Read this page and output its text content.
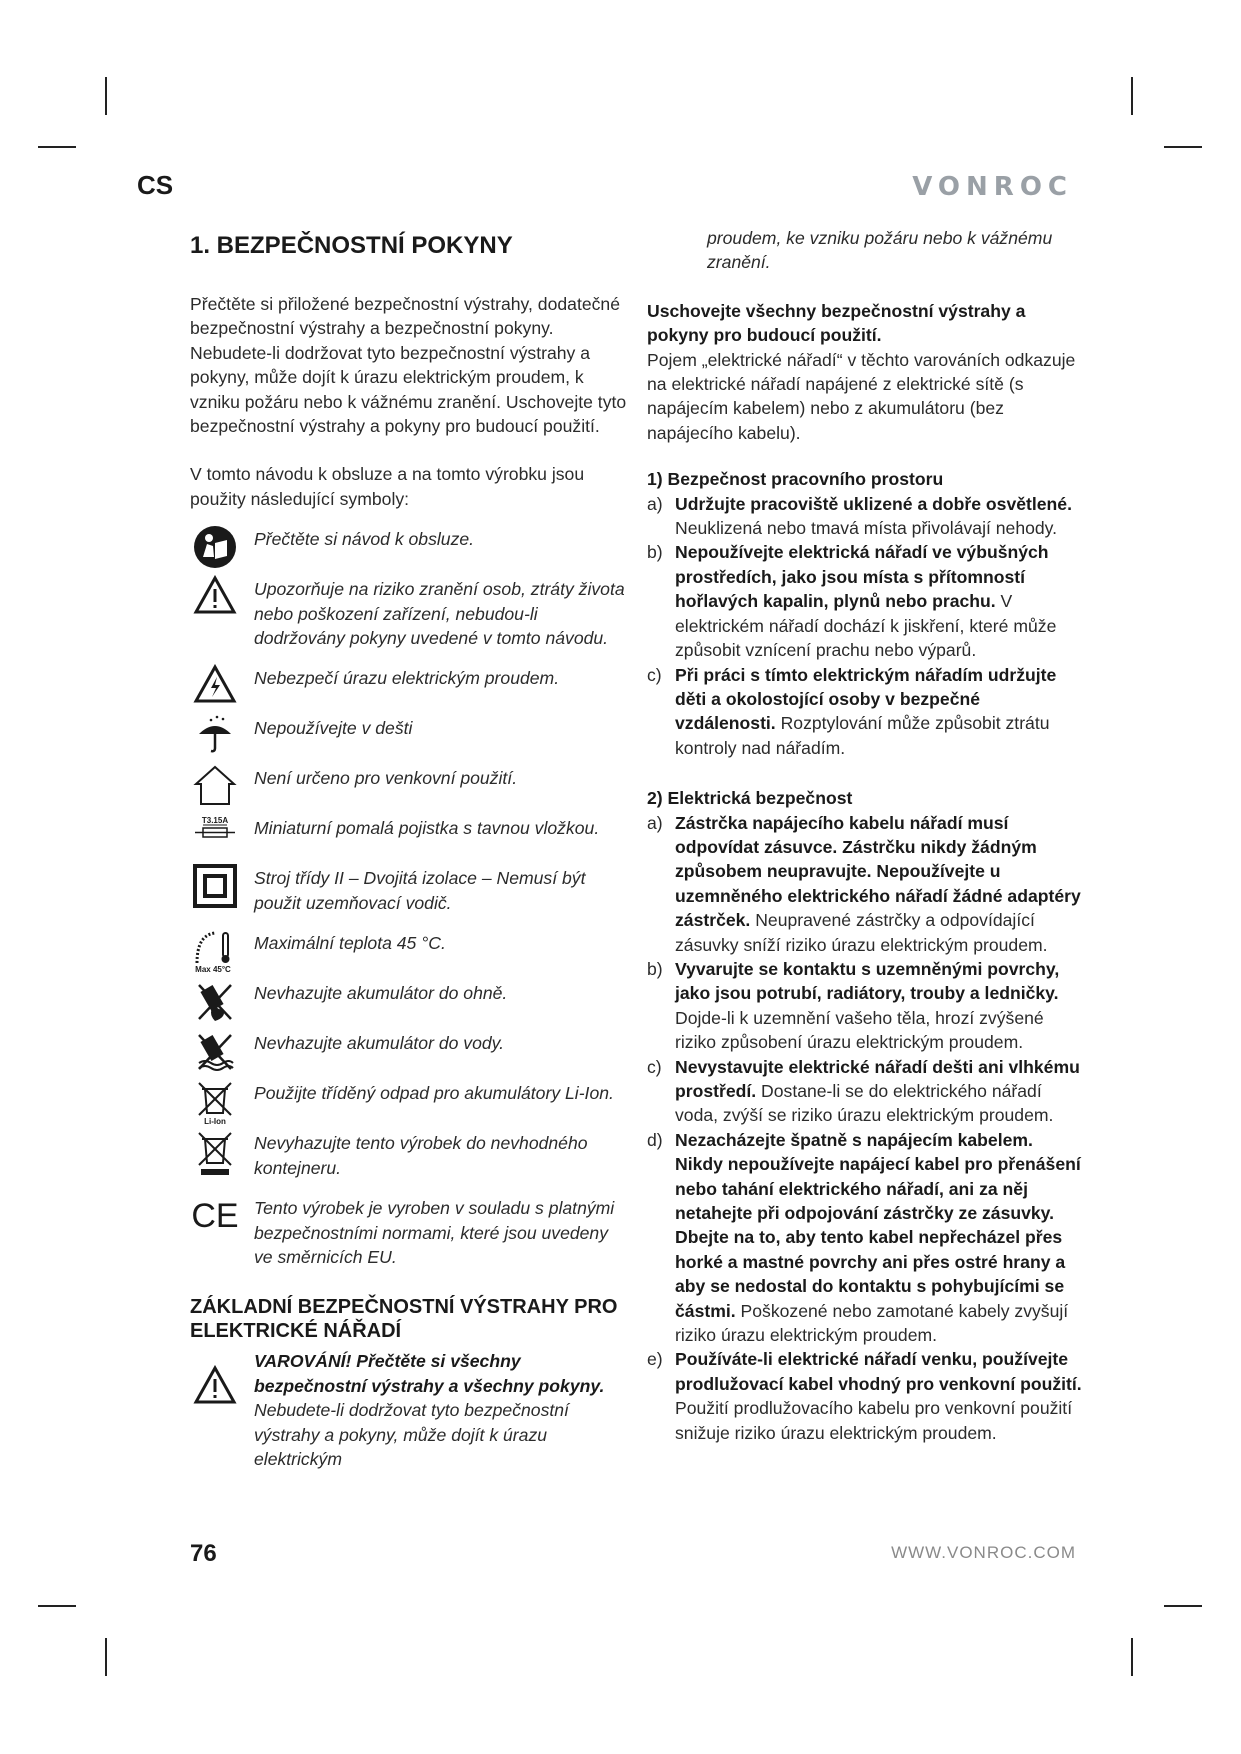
CS	VONROC
1. BEZPEČNOSTNÍ POKYNY

Přečtěte si přiložené bezpečnostní výstrahy, dodatečné bezpečnostní výstrahy a bezpečnostní pokyny. Nebudete-li dodržovat tyto bezpečnostní výstrahy a pokyny, může dojít k úrazu elektrickým proudem, k vzniku požáru nebo k vážnému zranění. Uschovejte tyto bezpečnostní výstrahy a pokyny pro budoucí použití.

V tomto návodu k obsluze a na tomto výrobku jsou použity následující symboly:

Přečtěte si návod k obsluze.
Upozorňuje na riziko zranění osob, ztráty života nebo poškození zařízení, nebudou-li dodržovány pokyny uvedené v tomto návodu.
Nebezpečí úrazu elektrickým proudem.
Nepoužívejte v dešti
Není určeno pro venkovní použití.
T3.15A Miniaturní pomalá pojistka s tavnou vložkou.
Stroj třídy II – Dvojitá izolace – Nemusí být použit uzemňovací vodič.
Max 45°C
Maximální teplota 45 °C.
Nevhazujte akumulátor do ohně.
Nevhazujte akumulátor do vody.
Li-Ion
Použijte tříděný odpad pro akumulátory Li-Ion.
Nevyhazujte tento výrobek do nevhodného kontejneru.
CE Tento výrobek je vyroben v souladu s platnými bezpečnostními normami, které jsou uvedeny ve směrnicích EU.
ZÁKLADNÍ BEZPEČNOSTNÍ VÝSTRAHY PRO ELEKTRICKÉ NÁŘADÍ
VAROVÁNÍ! Přečtěte si všechny bezpečnostní výstrahy a všechny pokyny. Nebudete-li dodržovat tyto bezpečnostní výstrahy a pokyny, může dojít k úrazu elektrickým

proudem, ke vzniku požáru nebo k vážnému zranění.

Uschovejte všechny bezpečnostní výstrahy a pokyny pro budoucí použití.

Pojem „elektrické nářadí“ v těchto varováních odkazuje na elektrické nářadí napájené z elektrické sítě (s napájecím kabelem) nebo z akumulátoru (bez napájecího kabelu).

1) Bezpečnost pracovního prostoru
a) Udržujte pracoviště uklizené a dobře osvětlené. Neuklizená nebo tmavá místa přivolávají nehody.
b) Nepoužívejte elektrická nářadí ve výbušných prostředích, jako jsou místa s přítomností hořlavých kapalin, plynů nebo prachu. V elektrickém nářadí dochází k jiskření, které může způsobit vznícení prachu nebo výparů.
c) Při práci s tímto elektrickým nářadím udržujte děti a okolostojící osoby v bezpečné vzdálenosti. Rozptylování může způsobit ztrátu kontroly nad nářadím.
2) Elektrická bezpečnost
a) Zástrčka napájecího kabelu nářadí musí odpovídat zásuvce. Zástrčku nikdy žádným způsobem neupravujte. Nepoužívejte u uzemněného elektrického nářadí žádné adaptéry zástrček. Neupravené zástrčky a odpovídající zásuvky sníží riziko úrazu elektrickým proudem.
b) Vyvarujte se kontaktu s uzemněnými povrchy, jako jsou potrubí, radiátory, trouby a ledničky. Dojde-li k uzemnění vašeho těla, hrozí zvýšené riziko způsobení úrazu elektrickým proudem.
c) Nevystavujte elektrické nářadí dešti ani vlhkému prostředí. Dostane-li se do elektrického nářadí voda, zvýší se riziko úrazu elektrickým proudem.
d) Nezacházejte špatně s napájecím kabelem. Nikdy nepoužívejte napájecí kabel pro přenášení nebo tahání elektrického nářadí, ani za něj netahejte při odpojování zástrčky ze zásuvky. Dbejte na to, aby tento kabel nepřecházel přes horké a mastné povrchy ani přes ostré hrany a aby se nedostal do kontaktu s pohybujícími se částmi. Poškozené nebo zamotané kabely zvyšují riziko úrazu elektrickým proudem.
e) Používáte-li elektrické nářadí venku, používejte prodlužovací kabel vhodný pro venkovní použití. Použití prodlužovacího kabelu pro venkovní použití snižuje riziko úrazu elektrickým proudem.
76	WWW.VONROC.COM
